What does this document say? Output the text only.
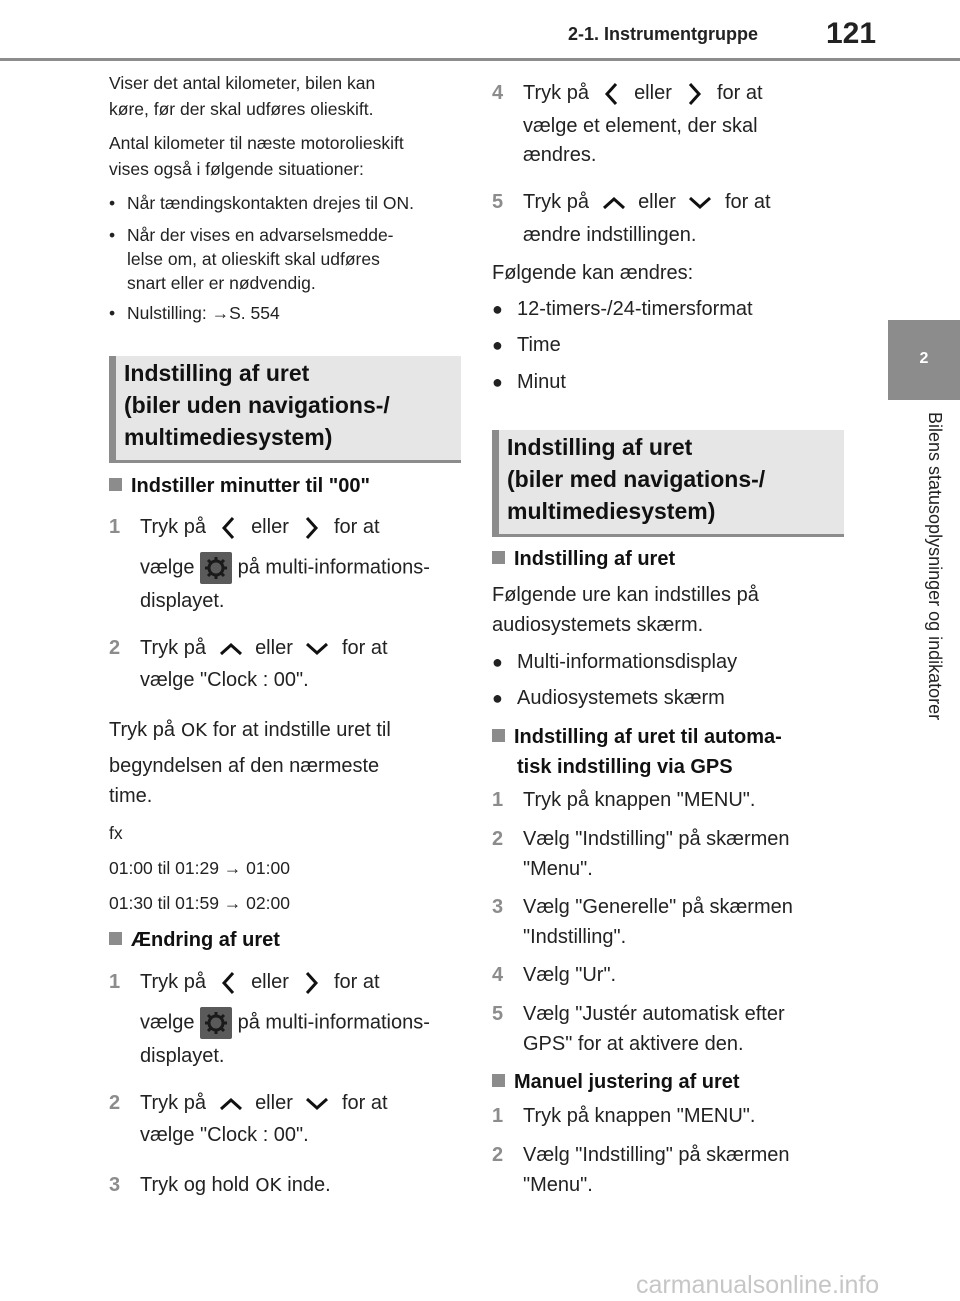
2-1. Instrumentgruppe 121
2
Bilens statusoplysninger og indikatorer

Viser det antal kilometer, bilen kan
køre, før der skal udføres olieskift.

Antal kilometer til næste motorolieskift
vises også i følgende situationer:

• Når tændingskontakten drejes til ON.
• Når der vises en advarselsmedde-
lelse om, at olieskift skal udføres
snart eller er nødvendig.
• Nulstilling: →S. 554
Indstilling af uret
(biler uden navigations-/
multimediesystem)
Indstiller minutter til "00"
1 Tryk på eller for at
vælge på multi-informations-
displayet.
2 Tryk på eller for at
vælge "Clock : 00".
Tryk på OK for at indstille uret til
begyndelsen af den nærmeste
time.
fx
01:00 til 01:29 → 01:00
01:30 til 01:59 → 02:00
Ændring af uret
1 Tryk på eller for at
vælge på multi-informations-
displayet.
2 Tryk på eller for at
vælge "Clock : 00".
3 Tryk og hold OK inde.
4 Tryk på eller for at
vælge et element, der skal
ændres.
5 Tryk på eller for at
ændre indstillingen.
Følgende kan ændres:
● 12-timers-/24-timersformat
● Time
● Minut
Indstilling af uret
(biler med navigations-/
multimediesystem)
Indstilling af uret
Følgende ure kan indstilles på
audiosystemets skærm.
● Multi-informationsdisplay
● Audiosystemets skærm
Indstilling af uret til automa-
tisk indstilling via GPS
1 Tryk på knappen "MENU".
2 Vælg "Indstilling" på skærmen
"Menu".
3 Vælg "Generelle" på skærmen
"Indstilling".
4 Vælg "Ur".
5 Vælg "Justér automatisk efter
GPS" for at aktivere den.
Manuel justering af uret
1 Tryk på knappen "MENU".
2 Vælg "Indstilling" på skærmen
"Menu".
carmanualsonline.info
